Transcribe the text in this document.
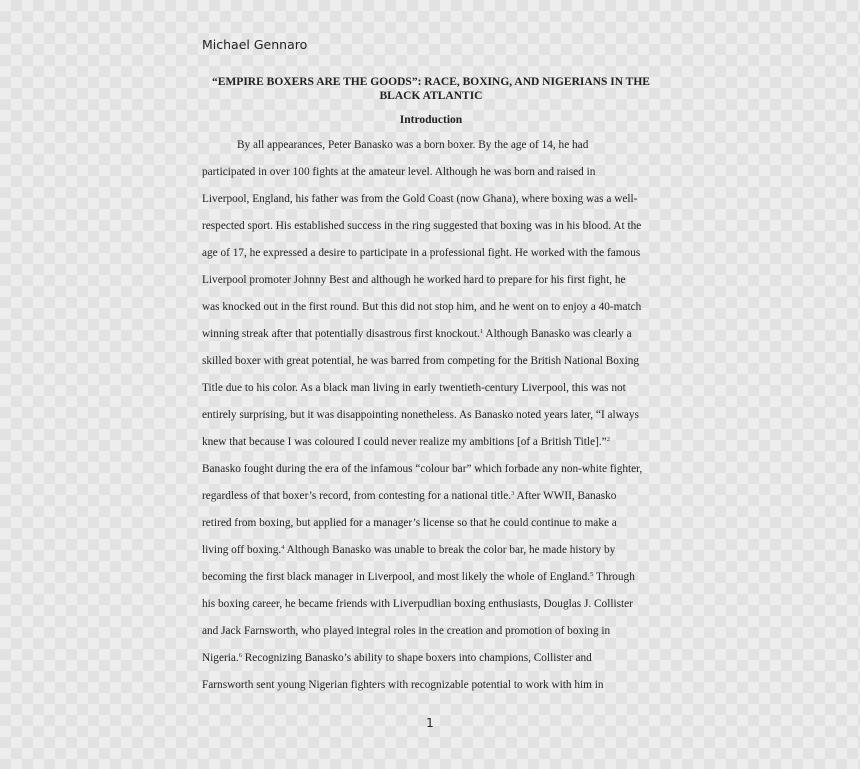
Michael Gennaro

“EMPIRE BOXERS ARE THE GOODS”: RACE, BOXING, AND NIGERIANS IN THE
BLACK ATLANTIC
Introduction
By all appearances, Peter Banasko was a born boxer. By the age of 14, he had
participated in over 100 fights at the amateur level. Although he was born and raised in
Liverpool, England, his father was from the Gold Coast (now Ghana), where boxing was a well-
respected sport. His established success in the ring suggested that boxing was in his blood. At the
age of 17, he expressed a desire to participate in a professional fight. He worked with the famous
Liverpool promoter Johnny Best and although he worked hard to prepare for his first fight, he
was knocked out in the first round. But this did not stop him, and he went on to enjoy a 40-match
winning streak after that potentially disastrous first knockout.$^1$ Although Banasko was clearly a
skilled boxer with great potential, he was barred from competing for the British National Boxing
Title due to his color. As a black man living in early twentieth-century Liverpool, this was not
entirely surprising, but it was disappointing nonetheless. As Banasko noted years later, “I always
knew that because I was coloured I could never realize my ambitions [of a British Title].”$^2$
Banasko fought during the era of the infamous “colour bar” which forbade any non-white fighter,
regardless of that boxer’s record, from contesting for a national title.$^3$ After WWII, Banasko
retired from boxing, but applied for a manager’s license so that he could continue to make a
living off boxing.$^4$ Although Banasko was unable to break the color bar, he made history by
becoming the first black manager in Liverpool, and most likely the whole of England.$^5$ Through
his boxing career, he became friends with Liverpudlian boxing enthusiasts, Douglas J. Collister
and Jack Farnsworth, who played integral roles in the creation and promotion of boxing in
Nigeria.$^6$ Recognizing Banasko’s ability to shape boxers into champions, Collister and
Farnsworth sent young Nigerian fighters with recognizable potential to work with him in

1
